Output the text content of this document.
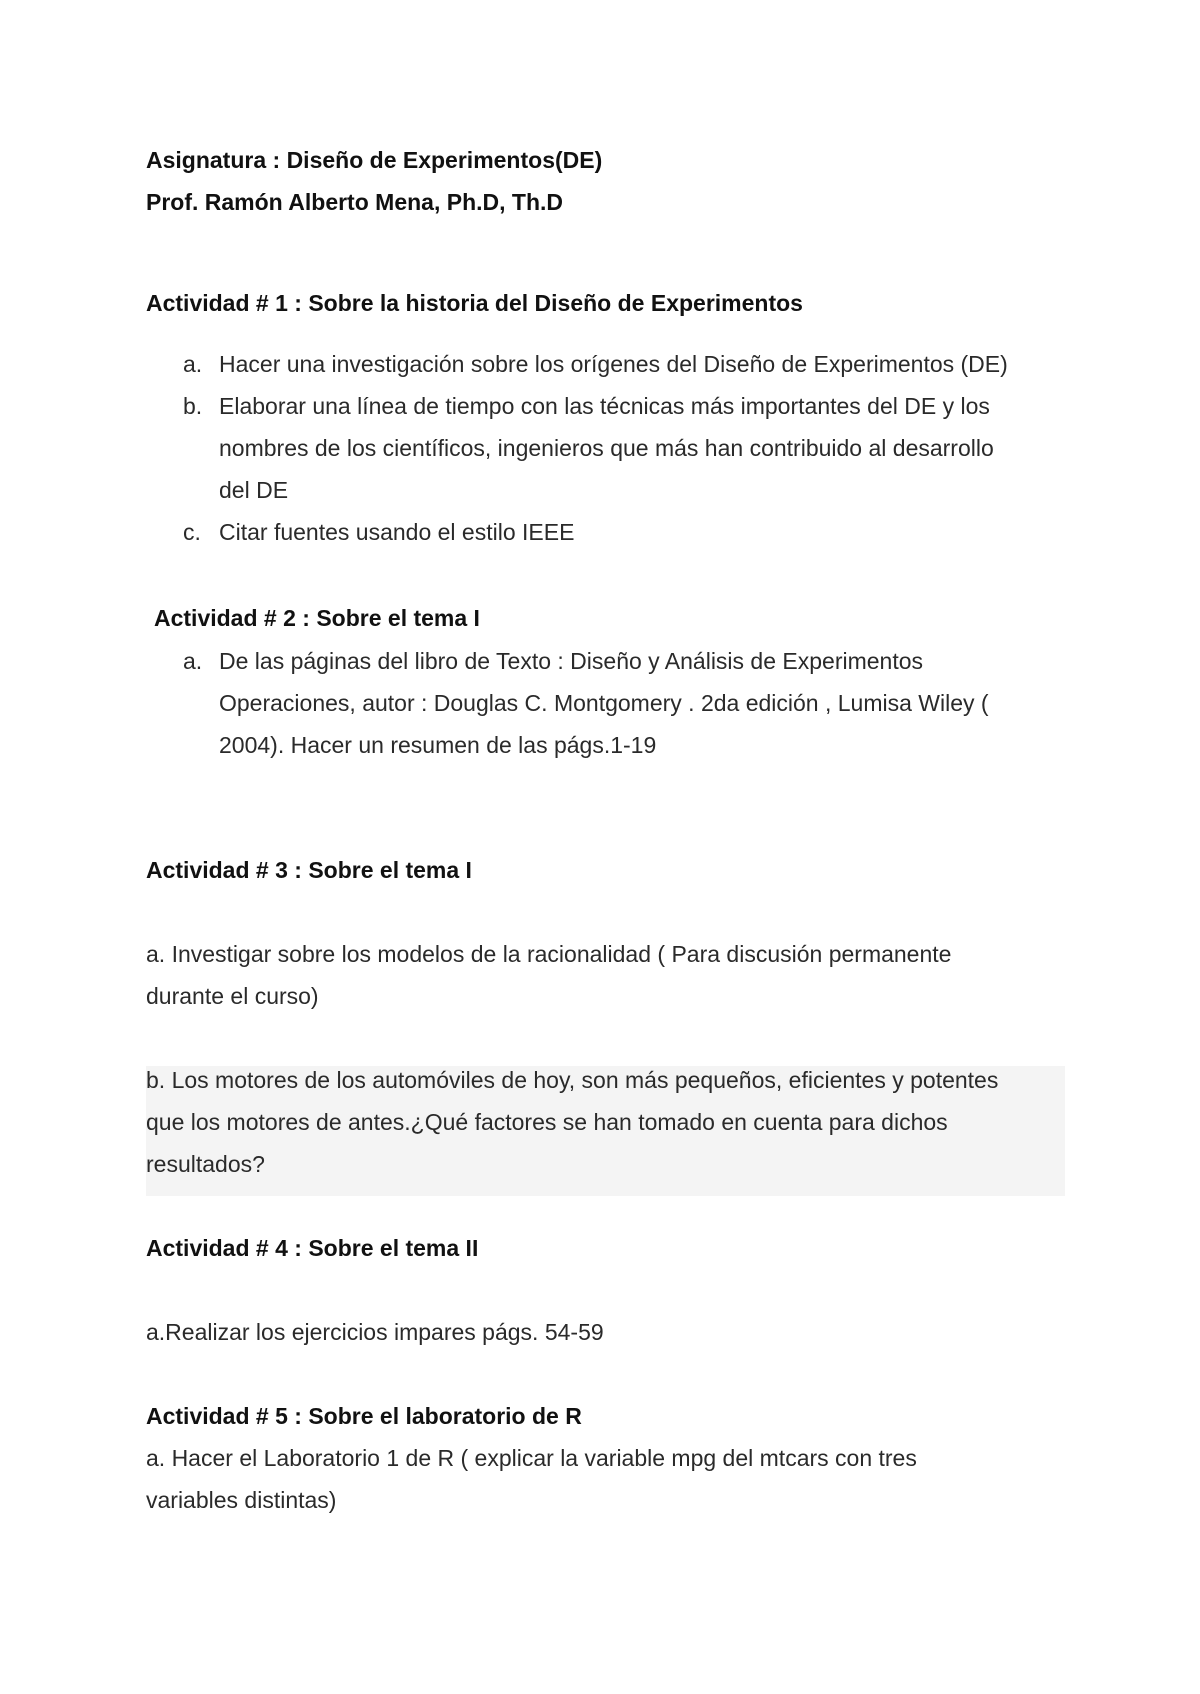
Asignatura : Diseño de Experimentos(DE)
Prof. Ramón Alberto Mena, Ph.D, Th.D
Actividad # 1 : Sobre la historia del Diseño de Experimentos
a. Hacer una investigación sobre los orígenes del Diseño de Experimentos (DE)
b. Elaborar una línea de tiempo con las técnicas más importantes del DE y los
nombres de los científicos, ingenieros que más han contribuido al desarrollo
del DE
c. Citar fuentes usando el estilo IEEE
Actividad # 2 : Sobre el tema I
a. De las páginas del libro de Texto : Diseño y Análisis de Experimentos
Operaciones, autor : Douglas C. Montgomery . 2da edición , Lumisa Wiley (
2004). Hacer un resumen de las págs.1-19
Actividad # 3 : Sobre el tema I
a. Investigar sobre los modelos de la racionalidad ( Para discusión permanente
durante el curso)
b. Los motores de los automóviles de hoy, son más pequeños, eficientes y potentes
que los motores de antes.¿Qué factores se han tomado en cuenta para dichos
resultados?
Actividad # 4 : Sobre el tema II
a.Realizar los ejercicios impares págs. 54-59
Actividad # 5 : Sobre el laboratorio de R
a. Hacer el Laboratorio 1 de R ( explicar la variable mpg del mtcars con tres
variables distintas)
